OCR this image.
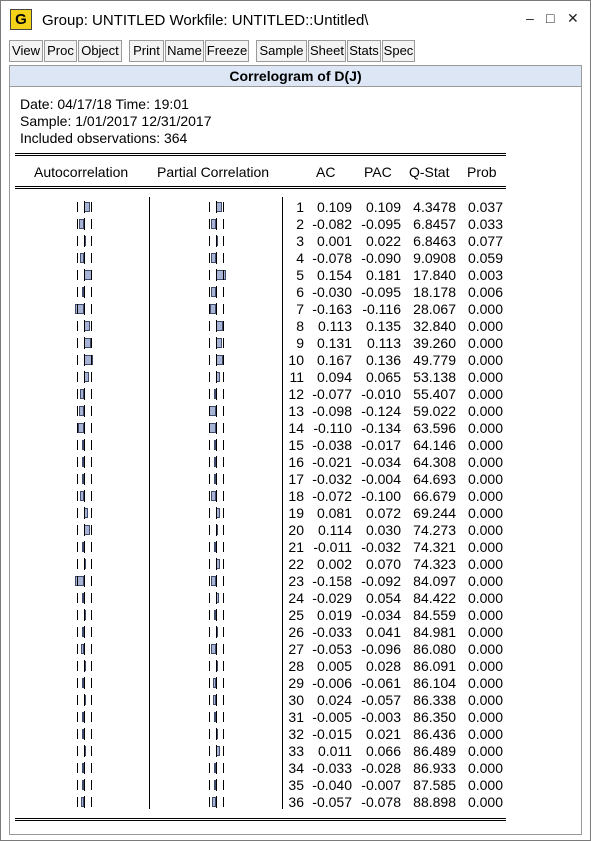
G	Group: UNTITLED Workfile: UNTITLED::Untitled\	– □ ✕
View Proc Object	Print Name Freeze Sample Sheet Stats Spec
Correlogram of D(J)
Date: 04/17/18 Time: 19:01
Sample: 1/01/2017 12/31/2017
Included observations: 364
Autocorrelation Partial Correlation	AC PAC Q-Stat Prob
1 0.109 0.109 4.3478 0.037
2 -0.082 -0.095 6.8457 0.033
3 0.001 0.022 6.8463 0.077
4 -0.078 -0.090 9.0908 0.059
5 0.154 0.181 17.840 0.003
6 -0.030 -0.095 18.178 0.006
7 -0.163 -0.116 28.067 0.000
8 0.113 0.135 32.840 0.000
9 0.131 0.113 39.260 0.000
10 0.167 0.136 49.779 0.000
11 0.094 0.065 53.138 0.000
12 -0.077 -0.010 55.407 0.000
13 -0.098 -0.124 59.022 0.000
14 -0.110 -0.134 63.596 0.000
15 -0.038 -0.017 64.146 0.000
16 -0.021 -0.034 64.308 0.000
17 -0.032 -0.004 64.693 0.000
18 -0.072 -0.100 66.679 0.000
19 0.081 0.072 69.244 0.000
20 0.114 0.030 74.273 0.000
21 -0.011 -0.032 74.321 0.000
22 0.002 0.070 74.323 0.000
23 -0.158 -0.092 84.097 0.000
24 -0.029 0.054 84.422 0.000
25 0.019 -0.034 84.559 0.000
26 -0.033 0.041 84.981 0.000
27 -0.053 -0.096 86.080 0.000
28 0.005 0.028 86.091 0.000
29 -0.006 -0.061 86.104 0.000
30 0.024 -0.057 86.338 0.000
31 -0.005 -0.003 86.350 0.000
32 -0.015 0.021 86.436 0.000
33 0.011 0.066 86.489 0.000
34 -0.033 -0.028 86.933 0.000
35 -0.040 -0.007 87.585 0.000
36 -0.057 -0.078 88.898 0.000
